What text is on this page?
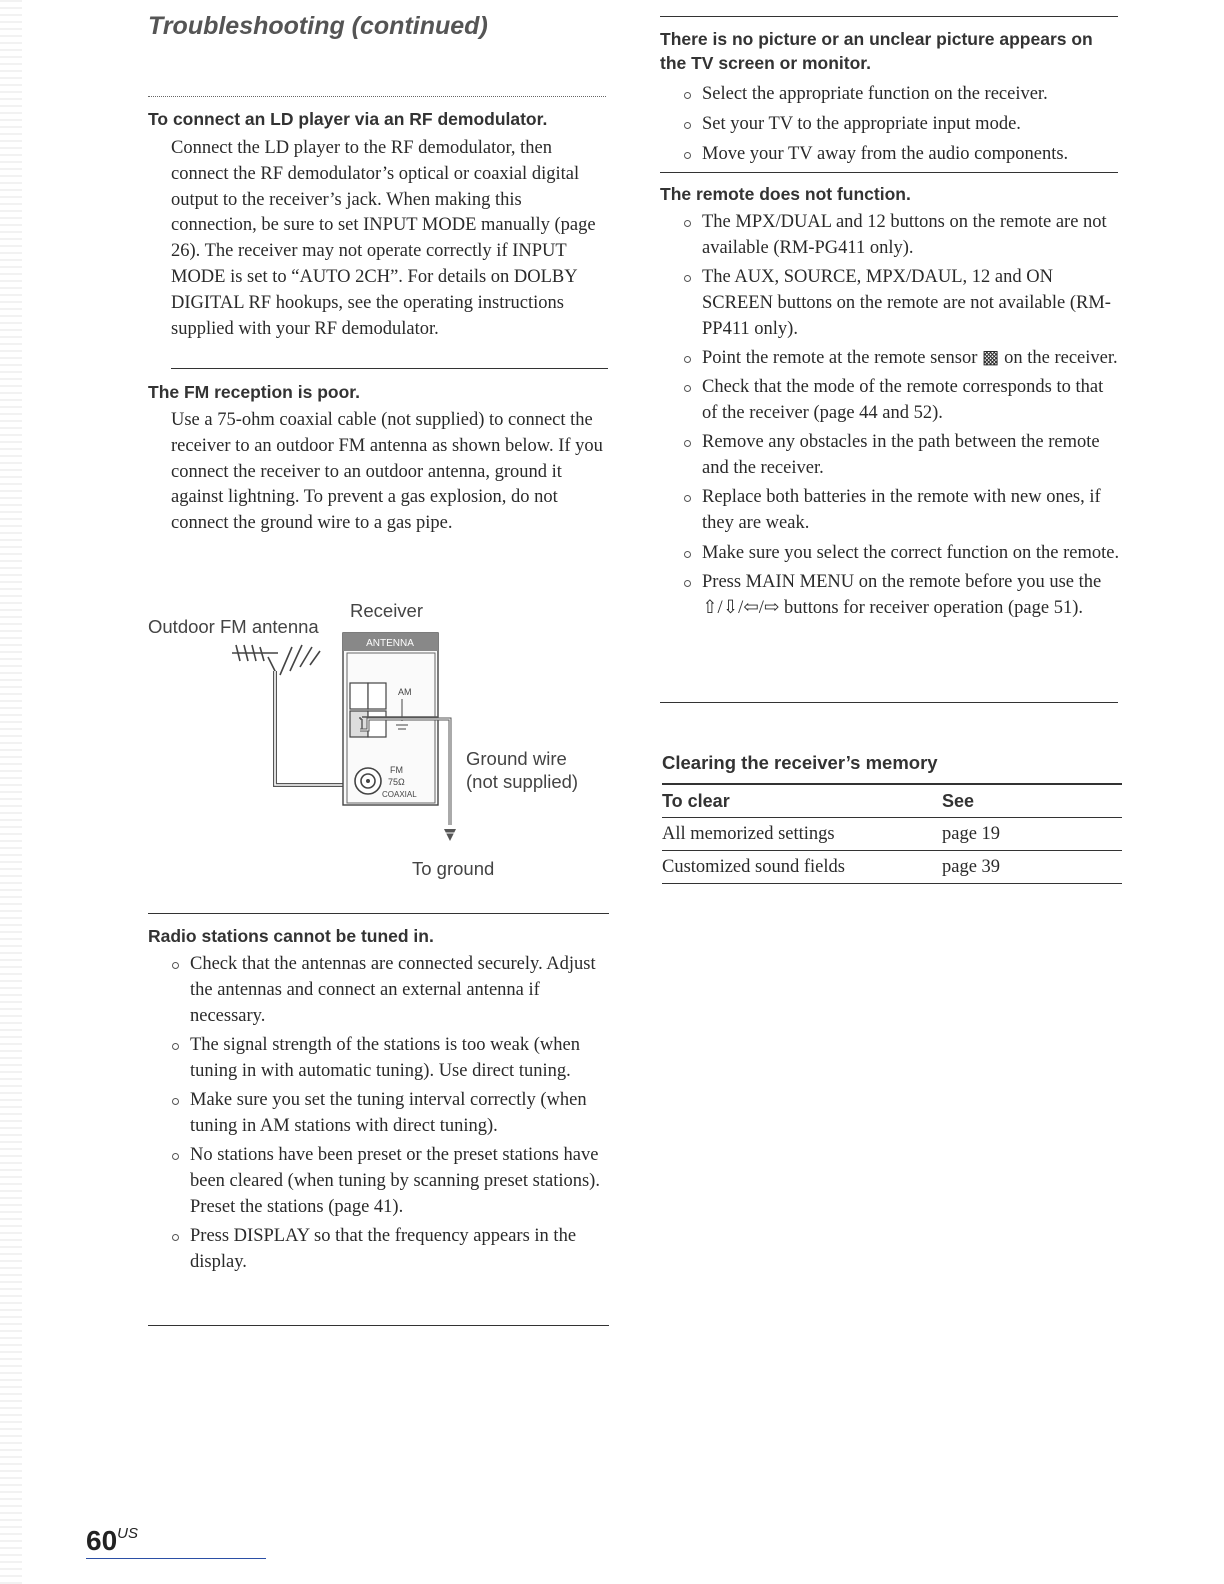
Troubleshooting (continued)
To connect an LD player via an RF demodulator.
Connect the LD player to the RF demodulator, then connect the RF demodulator’s optical or coaxial digital output to the receiver’s jack. When making this connection, be sure to set INPUT MODE manually (page 26). The receiver may not operate correctly if INPUT MODE is set to “AUTO 2CH”. For details on DOLBY DIGITAL RF hookups, see the operating instructions supplied with your RF demodulator.
The FM reception is poor.
Use a 75-ohm coaxial cable (not supplied) to connect the receiver to an outdoor FM antenna as shown below. If you connect the receiver to an outdoor antenna, ground it against lightning. To prevent a gas explosion, do not connect the ground wire to a gas pipe.
Receiver
Outdoor FM antenna
ANTENNA
AM
FM
75Ω
COAXIAL
Ground wire
(not supplied)
To ground
Radio stations cannot be tuned in.
Check that the antennas are connected securely. Adjust the antennas and connect an external antenna if necessary.
The signal strength of the stations is too weak (when tuning in with automatic tuning). Use direct tuning.
Make sure you set the tuning interval correctly (when tuning in AM stations with direct tuning).
No stations have been preset or the preset stations have been cleared (when tuning by scanning preset stations). Preset the stations (page 41).
Press DISPLAY so that the frequency appears in the display.
There is no picture or an unclear picture appears on the TV screen or monitor.
Select the appropriate function on the receiver.
Set your TV to the appropriate input mode.
Move your TV away from the audio components.
The remote does not function.
The MPX/DUAL and 12 buttons on the remote are not available (RM-PG411 only).
The AUX, SOURCE, MPX/DAUL, 12 and ON SCREEN buttons on the remote are not available (RM-PP411 only).
Point the remote at the remote sensor ▩ on the receiver.
Check that the mode of the remote corresponds to that of the receiver (page 44 and 52).
Remove any obstacles in the path between the remote and the receiver.
Replace both batteries in the remote with new ones, if they are weak.
Make sure you select the correct function on the remote.
Press MAIN MENU on the remote before you use the ⇧/⇩/⇦/⇨ buttons for receiver operation (page 51).
Clearing the receiver’s memory
To clear	See
All memorized settings	page 19
Customized sound fields	page 39
$60^{US}$
